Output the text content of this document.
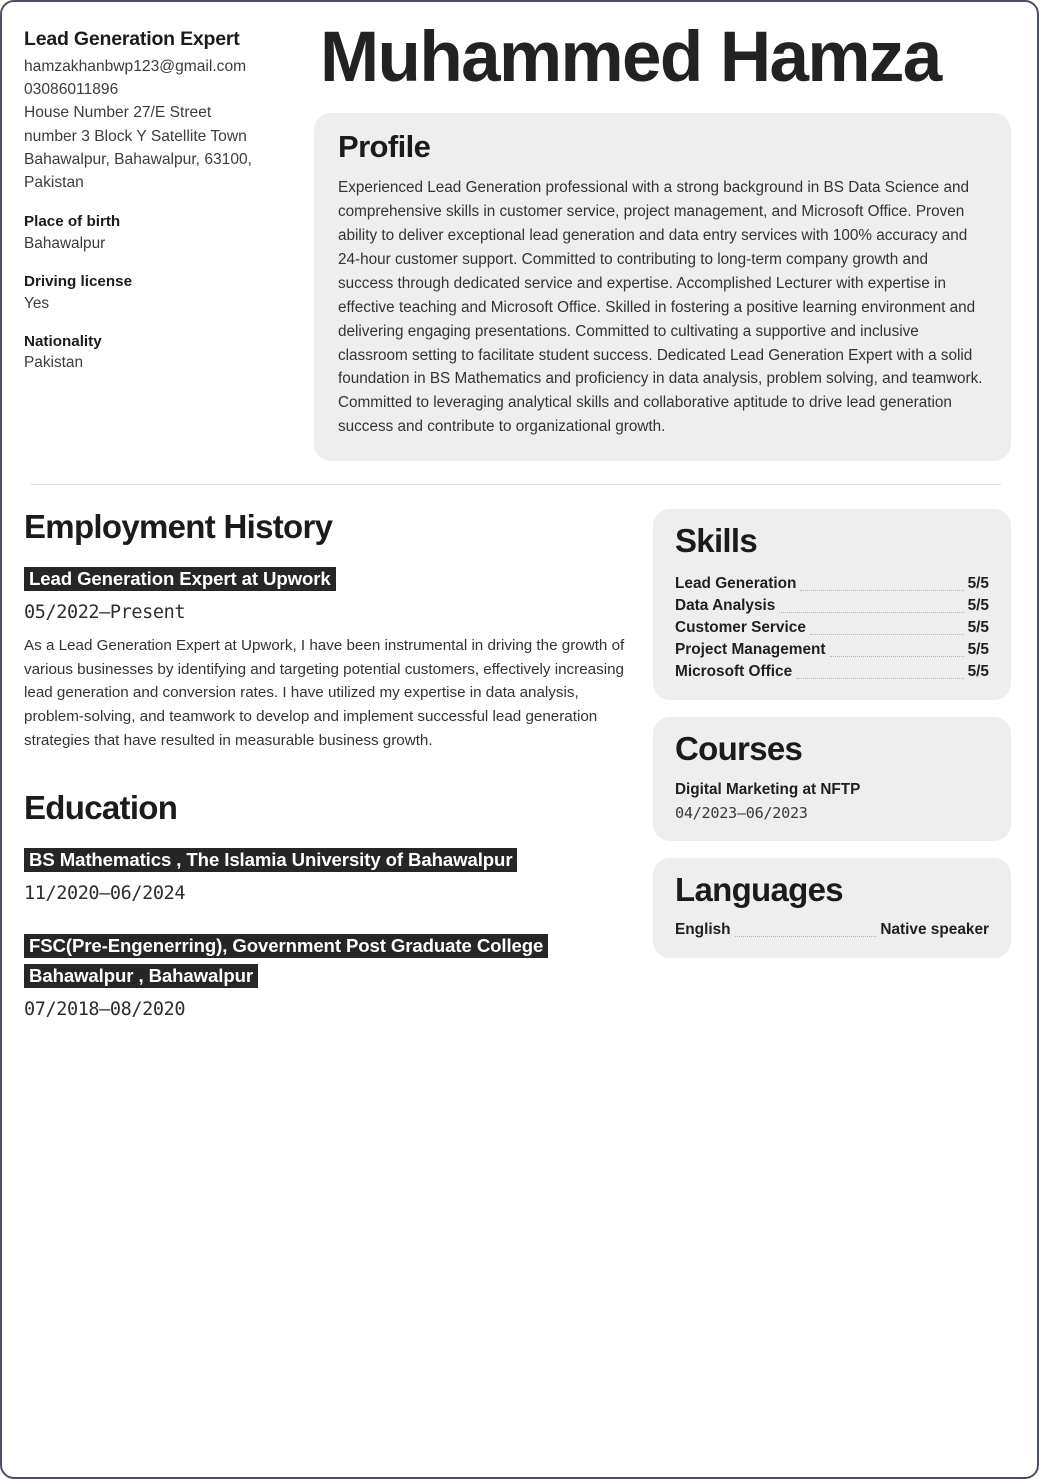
Lead Generation Expert
hamzakhanbwp123@gmail.com
03086011896
House Number 27/E Street
number 3 Block Y Satellite Town
Bahawalpur, Bahawalpur, 63100,
Pakistan
Place of birth
Bahawalpur
Driving license
Yes
Nationality
Pakistan
Muhammed Hamza
Profile
Experienced Lead Generation professional with a strong background in BS Data Science and comprehensive skills in customer service, project management, and Microsoft Office. Proven ability to deliver exceptional lead generation and data entry services with 100% accuracy and 24-hour customer support. Committed to contributing to long-term company growth and success through dedicated service and expertise. Accomplished Lecturer with expertise in effective teaching and Microsoft Office. Skilled in fostering a positive learning environment and delivering engaging presentations. Committed to cultivating a supportive and inclusive classroom setting to facilitate student success. Dedicated Lead Generation Expert with a solid foundation in BS Mathematics and proficiency in data analysis, problem solving, and teamwork. Committed to leveraging analytical skills and collaborative aptitude to drive lead generation success and contribute to organizational growth.
Employment History
Lead Generation Expert at Upwork
05/2022–Present
As a Lead Generation Expert at Upwork, I have been instrumental in driving the growth of various businesses by identifying and targeting potential customers, effectively increasing lead generation and conversion rates. I have utilized my expertise in data analysis, problem-solving, and teamwork to develop and implement successful lead generation strategies that have resulted in measurable business growth.
Education
BS Mathematics , The Islamia University of Bahawalpur
11/2020–06/2024
FSC(Pre-Engenerring), Government Post Graduate College Bahawalpur , Bahawalpur
07/2018–08/2020
Skills
Lead Generation	5/5
Data Analysis	5/5
Customer Service	5/5
Project Management	5/5
Microsoft Office	5/5
Courses
Digital Marketing at NFTP
04/2023–06/2023
Languages
English	Native speaker
